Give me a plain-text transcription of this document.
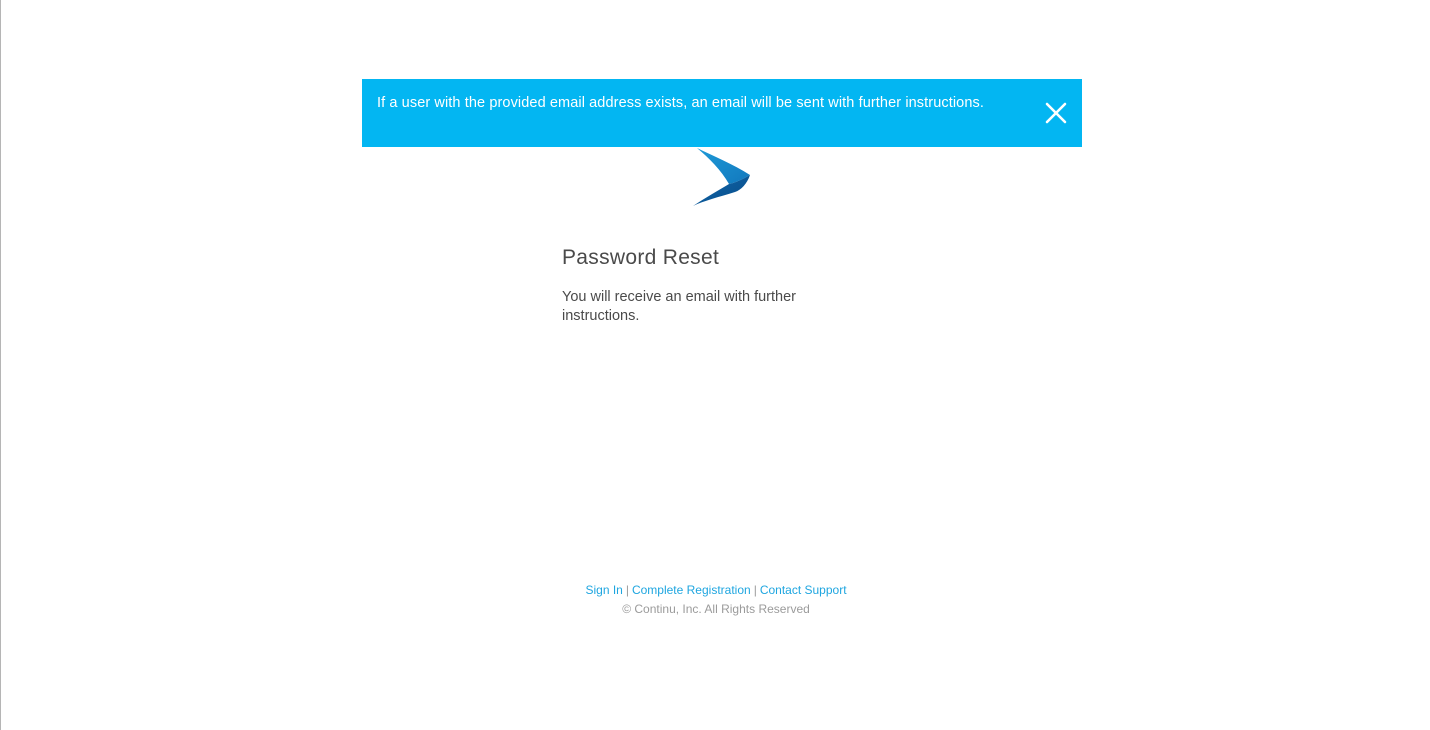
If a user with the provided email address exists, an email will be sent with further instructions.
Password Reset

You will receive an email with further instructions.

Sign In | Complete Registration | Contact Support
© Continu, Inc. All Rights Reserved
